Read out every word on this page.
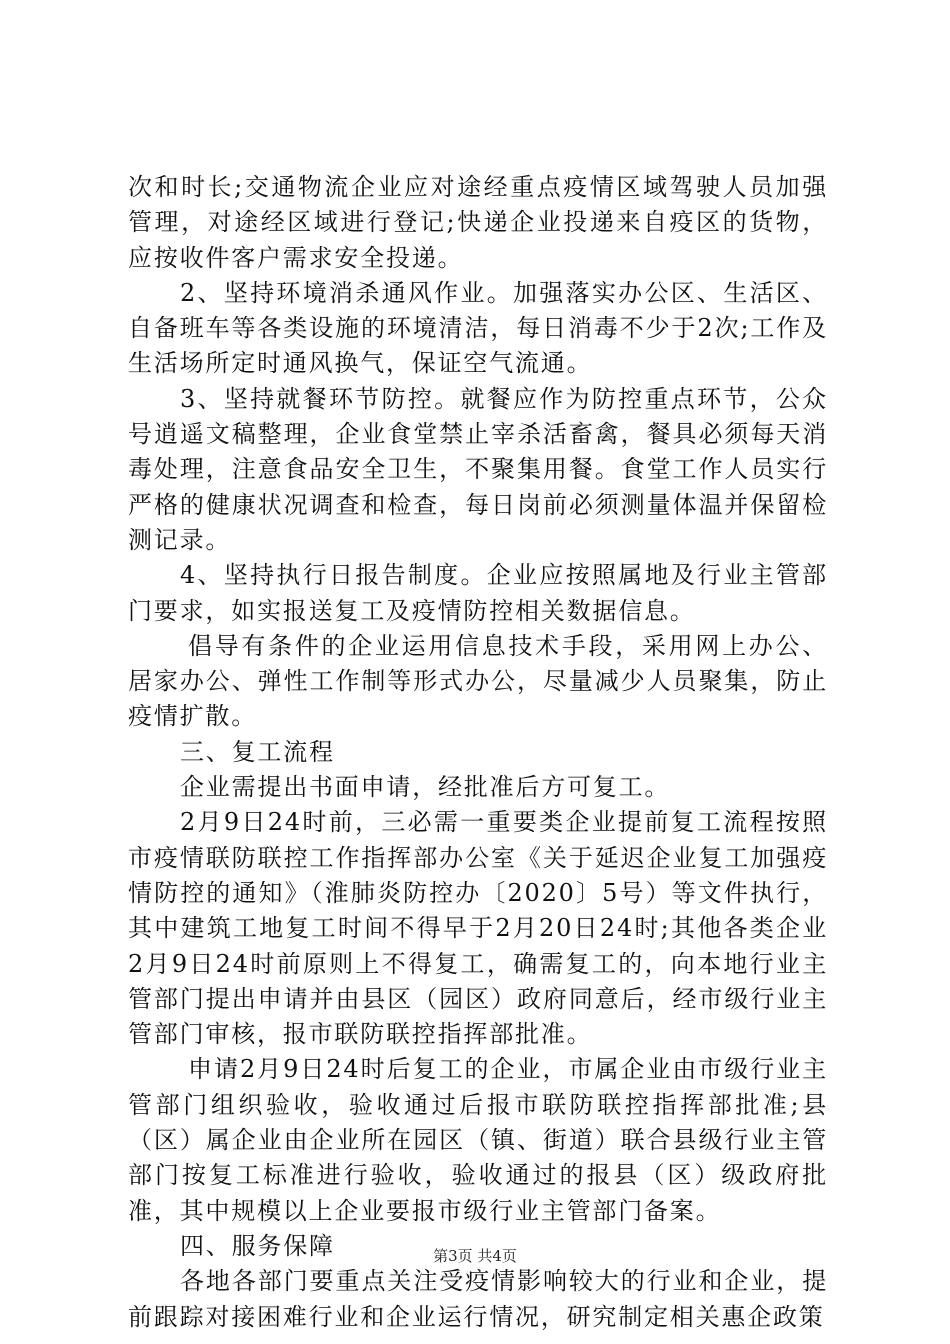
次和时长;交通物流企业应对途经重点疫情区域驾驶人员加强管理，对途经区域进行登记;快递企业投递来自疫区的货物，应按收件客户需求安全投递。

2、坚持环境消杀通风作业。加强落实办公区、生活区、自备班车等各类设施的环境清洁，每日消毒不少于2次;工作及生活场所定时通风换气，保证空气流通。

3、坚持就餐环节防控。就餐应作为防控重点环节，公众号逍遥文稿整理，企业食堂禁止宰杀活畜禽，餐具必须每天消毒处理，注意食品安全卫生，不聚集用餐。食堂工作人员实行严格的健康状况调查和检查，每日岗前必须测量体温并保留检测记录。

4、坚持执行日报告制度。企业应按照属地及行业主管部门要求，如实报送复工及疫情防控相关数据信息。

倡导有条件的企业运用信息技术手段，采用网上办公、居家办公、弹性工作制等形式办公，尽量减少人员聚集，防止疫情扩散。

三、复工流程

企业需提出书面申请，经批准后方可复工。

2月9日24时前，三必需一重要类企业提前复工流程按照市疫情联防联控工作指挥部办公室《关于延迟企业复工加强疫情防控的通知》（淮肺炎防控办〔2020〕5号）等文件执行，其中建筑工地复工时间不得早于2月20日24时;其他各类企业2月9日24时前原则上不得复工，确需复工的，向本地行业主管部门提出申请并由县区（园区）政府同意后，经市级行业主管部门审核，报市联防联控指挥部批准。

申请2月9日24时后复工的企业，市属企业由市级行业主管部门组织验收，验收通过后报市联防联控指挥部批准;县（区）属企业由企业所在园区（镇、街道）联合县级行业主管部门按复工标准进行验收，验收通过的报县（区）级政府批准，其中规模以上企业要报市级行业主管部门备案。

四、服务保障

各地各部门要重点关注受疫情影响较大的行业和企业，提前跟踪对接困难行业和企业运行情况，研究制定相关惠企政策

第3页 共4页
